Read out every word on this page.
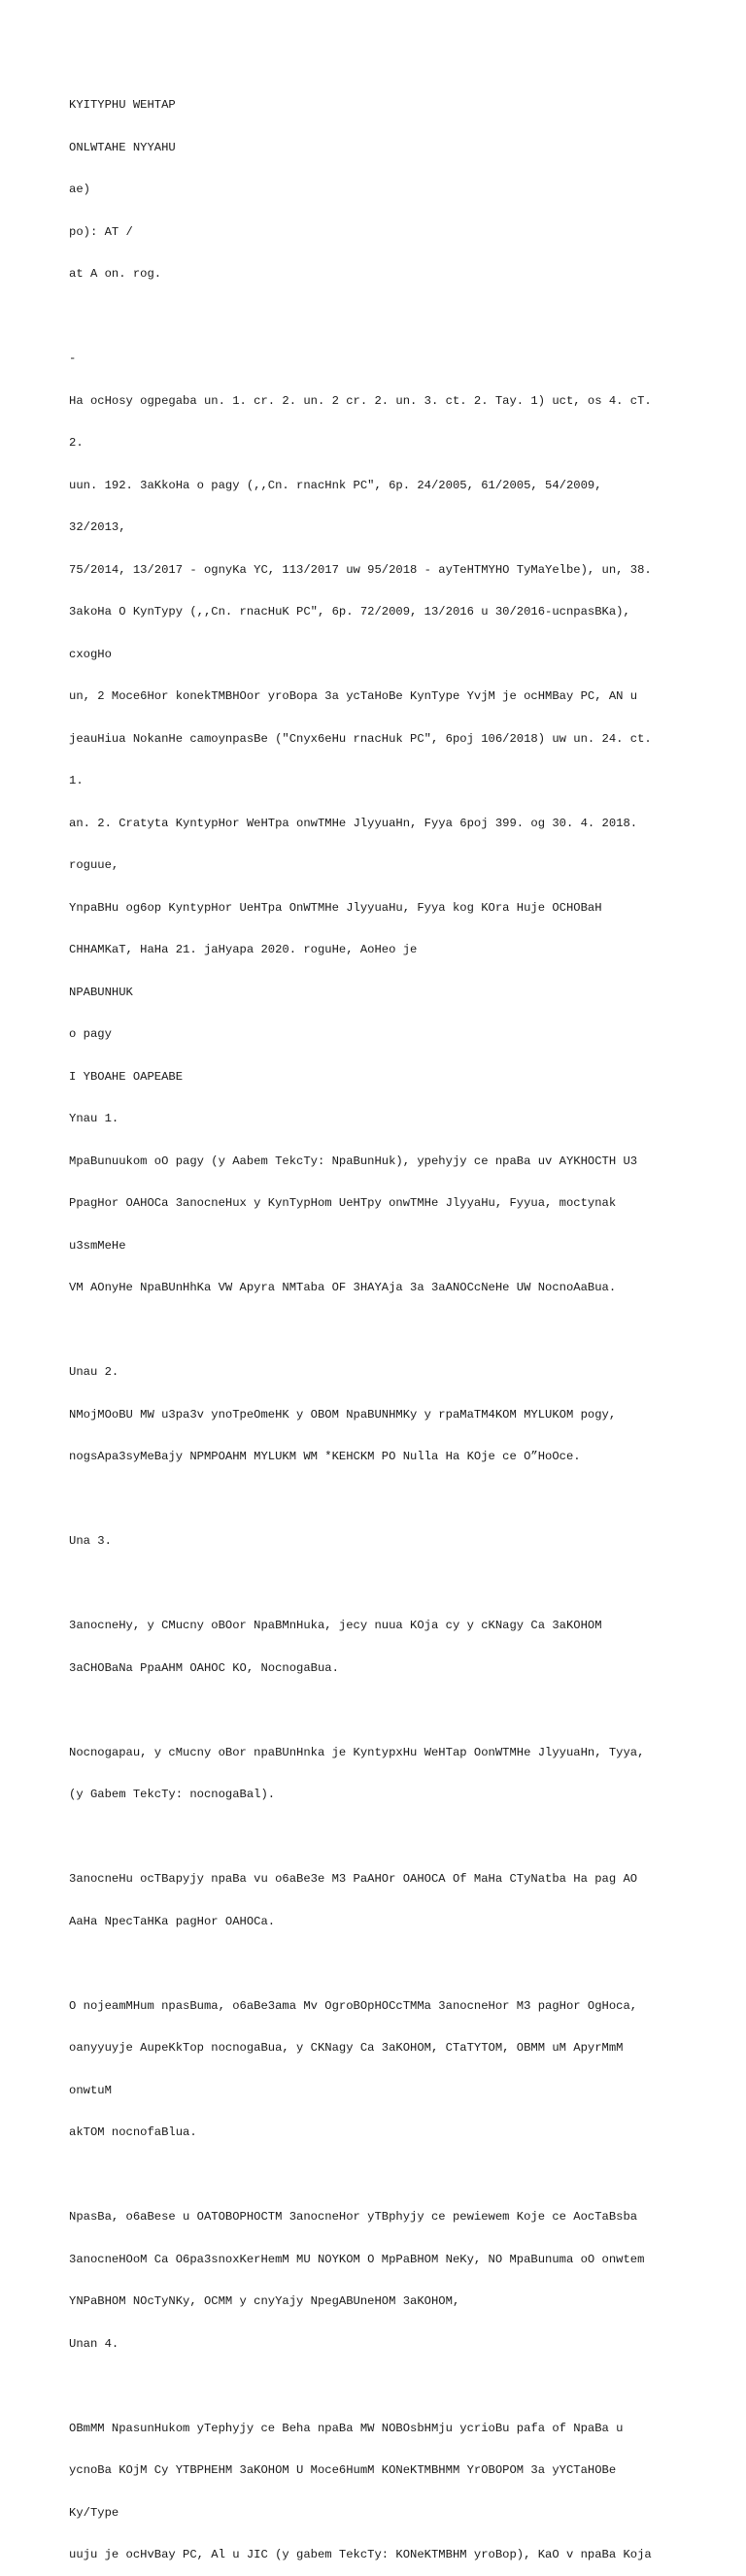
KYITYPHU WEHTAP

ONLWTAHE NYYAHU

ae)

po): AT /

at A on. rog.

-

Ha ocHosy ogpegaba un. 1. cr. 2. un. 2 cr. 2. un. 3. ct. 2. Tay. 1) uct, os 4. cT.

2.

uun. 192. 3aKkoHa o pagy (,,Cn. rnacHnk PC", 6p. 24/2005, 61/2005, 54/2009,

32/2013,

75/2014, 13/2017 - ognyKa YC, 113/2017 uw 95/2018 - ayTeHTMYHO TyMaYelbe), un, 38.

3akoHa O KynTypy (,,Cn. rnacHuK PC", 6p. 72/2009, 13/2016 u 30/2016-ucnpasBKa),

cxogHo

un, 2 Moce6Hor konekTMBHOor yroBopa 3a ycTaHoBe KynType YvjM je ocHMBay PC, AN u

jeauHiua NokanHe camoynpasBe ("Cnyx6eHu rnacHuk PC", 6poj 106/2018) uw un. 24. ct.

1.

an. 2. Cratyta KyntypHor WeHTpa onwTMHe JlyyuaHn, Fyya 6poj 399. og 30. 4. 2018.

roguue,

YnpaBHu og6op KyntypHor UeHTpa OnWTMHe JlyyuaHu, Fyya kog KOra Huje OCHOBaH

CHHAMKaT, HaHa 21. jaHyapa 2020. roguHe, AoHeo je

NPABUNHUK

o pagy

I YBOAHE OAPEABE

Ynau 1.

MpaBunuukom oO pagy (y Aabem TekcTy: NpaBunHuk), ypehyjy ce npaBa uv AYKHOCTH U3

PpagHor OAHOCa 3anocneHux y KynTypHom UeHTpy onwTMHe JlyyaHu, Fyyua, moctynak

u3smMeHe

VM AOnyHe NpaBUnHhKa VW Apyra NMTaba OF 3HAYAja 3a 3aANOCcNeHe UW NocnoAaBua.

Unau 2.

NMojMOoBU MW u3pa3v ynoTpeOmeHK y OBOM NpaBUNHMKy y rpaMaTM4KOM MYLUKOM pogy,

nogsApa3syMeBajy NPMPOAHM MYLUKM WM *KEHCKM PO Nulla Ha KOje ce O”HoOce.

Una 3.

3anocneHy, y CMucny oBOor NpaBMnHuka, jecy nuua KOja cy y cKNagy Ca 3aKOHOM

3aCHOBaNa PpaAHM OAHOC KO, NocnogaBua.

Nocnogapau, y cMucny oBor npaBUnHnka je KyntypxHu WeHTap OonWTMHe JlyyuaHn, Tyya,

(y Gabem TekcTy: nocnogaBal).

3anocneHu ocTBapyjy npaBa vu o6aBe3e M3 PaAHOr OAHOCA Of MaHa CTyNatba Ha pag AO

AaHa NpecTaHKa pagHor OAHOCa.

O nojeamMHum npasBuma, o6aBe3ama Mv OgroBOpHOCcTMMa 3anocneHor M3 pagHor OgHoca,

oanyyuyje AupeKkTop nocnogaBua, y CKNagy Ca 3aKOHOM, CTaTYTOM, OBMM uM ApyrMmM

onwtuM

akTOM nocnofaBlua.

NpasBa, o6aBese u OATOBOPHOCTM 3anocneHor yTBphyjy ce pewiewem Koje ce AocTaBsba

3anocneHOoM Ca O6pa3snoxKerHemM MU NOYKOM O MpPaBHOM NeKy, NO MpaBunuma oO onwtem

YNPaBHOM NOcTyNKy, OCMM y cnyYajy NpegABUneHOM 3aKOHOM,

Unan 4.

OBmMM NpasunHukom yTephyjy ce Beha npaBa MW NOBOsbHMju ycrioBu pafa of NpaBa u

ycnoBa KOjM Cy YTBPHEHM 3aKOHOM U Moce6HumM KONeKTMBHMM YrOBOPOM 3a yYCTaHOBe

Ky/Type

uuju je ocHvBay PC, Al u JIC (y gabem TekcTy: KONeKTMBHM yroBop), KaO v npaBa Koja
